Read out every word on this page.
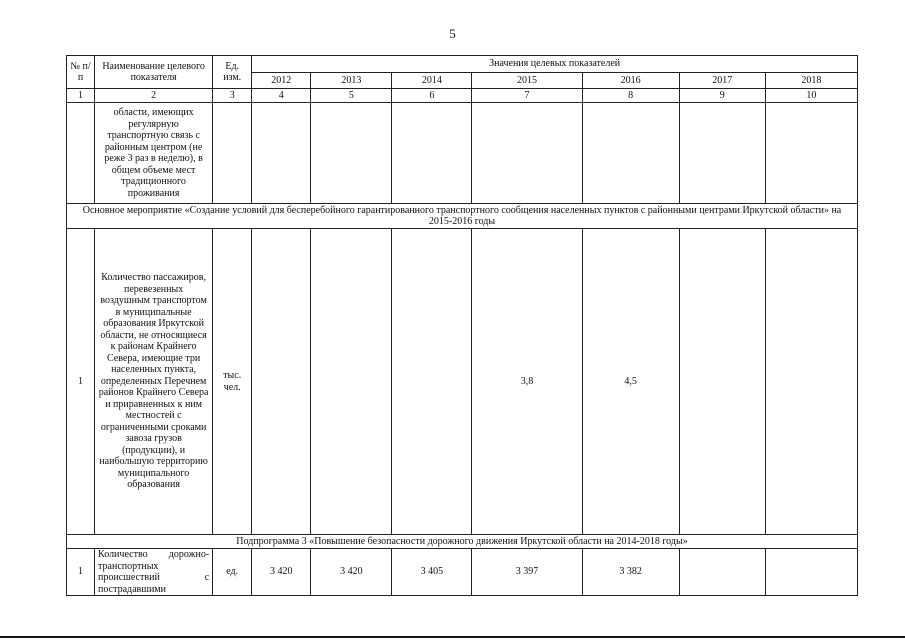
5
№ п/п	Наименование целевого показателя	Ед. изм.	Значения целевых показателей						
			2012	2013	2014	2015	2016	2017	2018
1	2	3	4	5	6	7	8	9	10
	области, имеющих регулярную транспортную связь с районным центром (не реже 3 раз в неделю), в общем объеме мест традиционного проживания								
Основное мероприятие «Создание условий для бесперебойного гарантированного транспортного сообщения населенных пунктов с районными центрами Иркутской области» на 2015-2016 годы									
1	Количество пассажиров, перевезенных воздушным транспортом в муниципальные образования Иркутской области, не относящиеся к районам Крайнего Севера, имеющие три населенных пункта, определенных Перечнем районов Крайнего Севера и приравненных к ним местностей с ограниченными сроками завоза грузов (продукции), и наибольшую территорию муниципального образования	тыс. чел.				3,8	4,5		
Подпрограмма 3 «Повышение безопасности дорожного движения Иркутской области на 2014-2018 годы»									
1	Количество дорожно-транспортных происшествий с пострадавшими	ед.	3 420	3 420	3 405	3 397	3 382		
